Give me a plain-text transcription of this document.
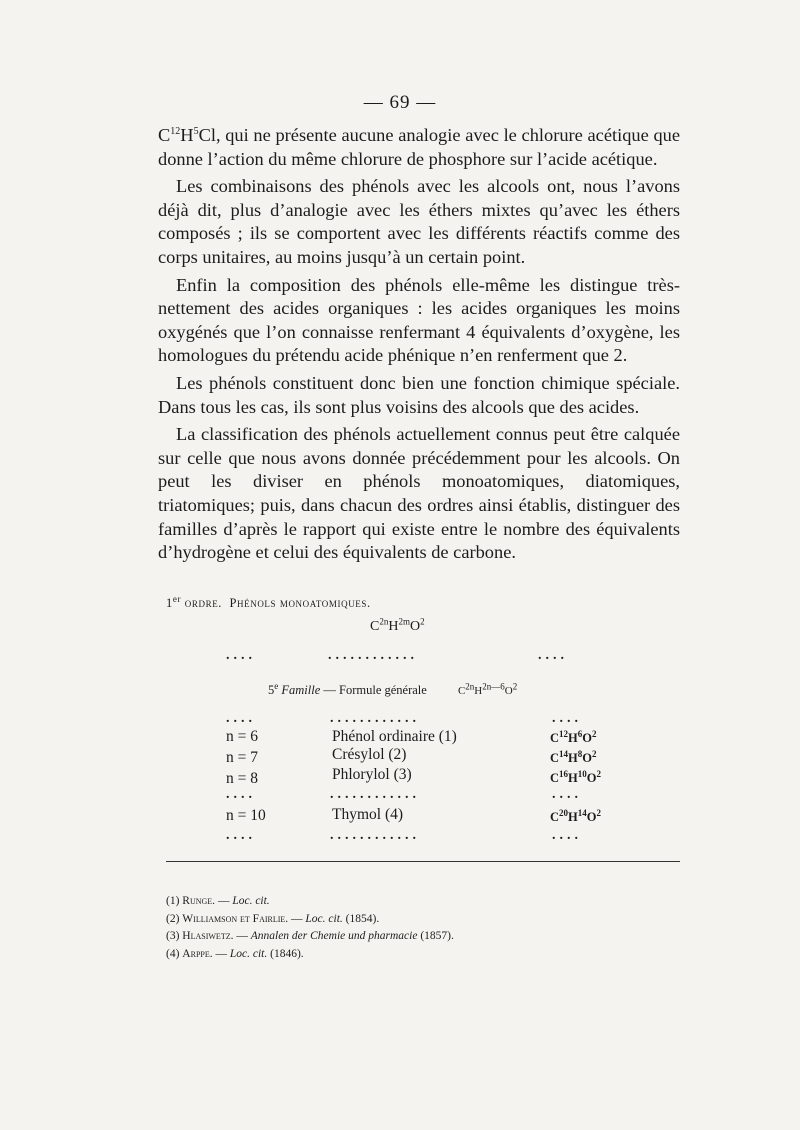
— 69 —

$C^{12}H^5Cl$, qui ne présente aucune analogie avec le chlorure acétique que donne l’action du même chlorure de phosphore sur l’acide acétique.

Les combinaisons des phénols avec les alcools ont, nous l’avons déjà dit, plus d’analogie avec les éthers mixtes qu’avec les éthers composés ; ils se comportent avec les différents réactifs comme des corps unitaires, au moins jusqu’à un certain point.

Enfin la composition des phénols elle-même les distingue très-nettement des acides organiques : les acides organiques les moins oxygénés que l’on connaisse renfermant 4 équivalents d’oxygène, les homologues du prétendu acide phénique n’en renferment que 2.

Les phénols constituent donc bien une fonction chimique spéciale. Dans tous les cas, ils sont plus voisins des alcools que des acides.

La classification des phénols actuellement connus peut être calquée sur celle que nous avons donnée précédemment pour les alcools. On peut les diviser en phénols monoatomiques, diatomiques, triatomiques; puis, dans chacun des ordres ainsi établis, distinguer des familles d’après le rapport qui existe entre le nombre des équivalents d’hydrogène et celui des équivalents de carbone.

1er ordre. Phénols monoatomiques.
$C^{2n}H^{2m}O^2$
....	............	....
5e Famille — Formule générale	$C^{2n}H^{2n—6}O^2$
....	............	....
n = 6	Phénol ordinaire (1)	$C^{12}H^6O^2$
n = 7	Crésylol (2)	$C^{14}H^8O^2$
n = 8	Phlorylol (3)	$C^{16}H^{10}O^2$
....	............	....
n = 10	Thymol (4)	$C^{20}H^{14}O^2$
....	............	....
(1) Runge. — Loc. cit.
(2) Williamson et Fairlie. — Loc. cit. (1854).
(3) Hlasiwetz. — Annalen der Chemie und pharmacie (1857).
(4) Arppe. — Loc. cit. (1846).
